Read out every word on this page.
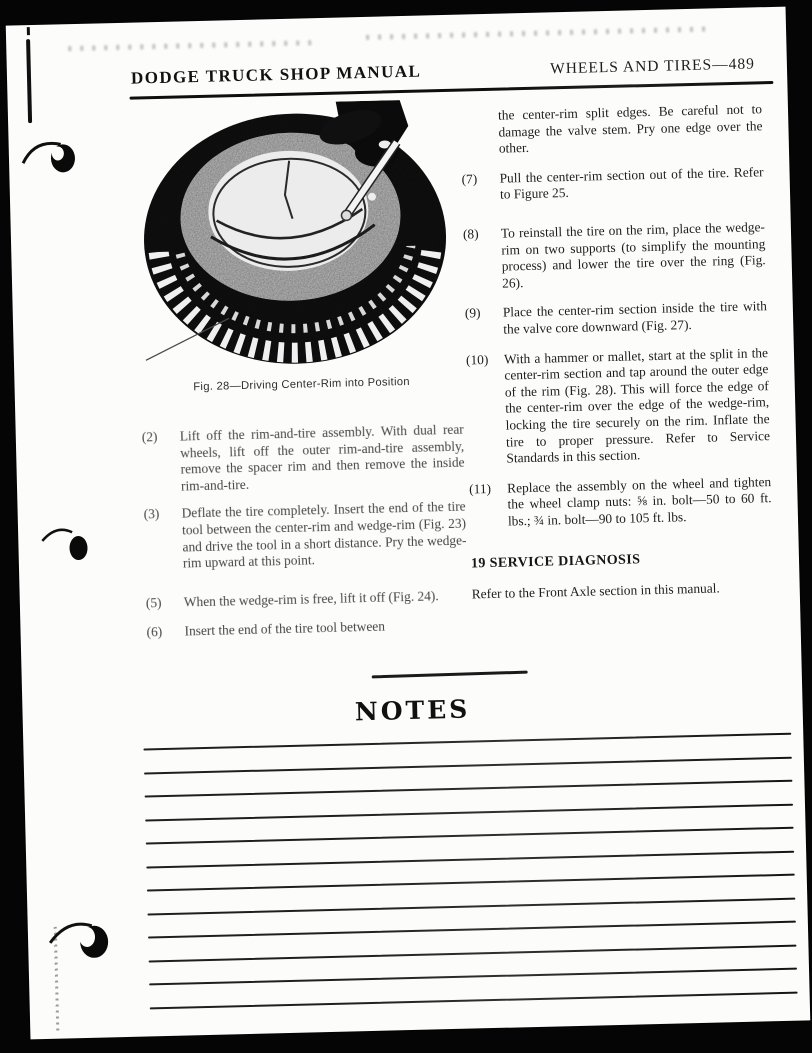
DODGE TRUCK SHOP MANUAL	WHEELS AND TIRES—489
Fig. 28—Driving Center-Rim into Position
(2)	Lift off the rim-and-tire assembly. With dual rear wheels, lift off the outer rim-and-tire assembly, remove the spacer rim and then remove the inside rim-and-tire.
(3)	Deflate the tire completely. Insert the end of the tire tool between the center-rim and wedge-rim (Fig. 23) and drive the tool in a short distance. Pry the wedge-rim upward at this point.
(5)	When the wedge-rim is free, lift it off (Fig. 24).
(6)	Insert the end of the tire tool between
the center-rim split edges. Be careful not to damage the valve stem. Pry one edge over the other.
(7)	Pull the center-rim section out of the tire. Refer to Figure 25.
(8)	To reinstall the tire on the rim, place the wedge-rim on two supports (to simplify the mounting process) and lower the tire over the ring (Fig. 26).
(9)	Place the center-rim section inside the tire with the valve core downward (Fig. 27).
(10)	With a hammer or mallet, start at the split in the center-rim section and tap around the outer edge of the rim (Fig. 28). This will force the edge of the center-rim over the edge of the wedge-rim, locking the tire securely on the rim. Inflate the tire to proper pressure. Refer to Service Standards in this section.
(11)	Replace the assembly on the wheel and tighten the wheel clamp nuts: ⅝ in. bolt—50 to 60 ft. lbs.; ¾ in. bolt—90 to 105 ft. lbs.
19 SERVICE DIAGNOSIS
Refer to the Front Axle section in this manual.
NOTES
